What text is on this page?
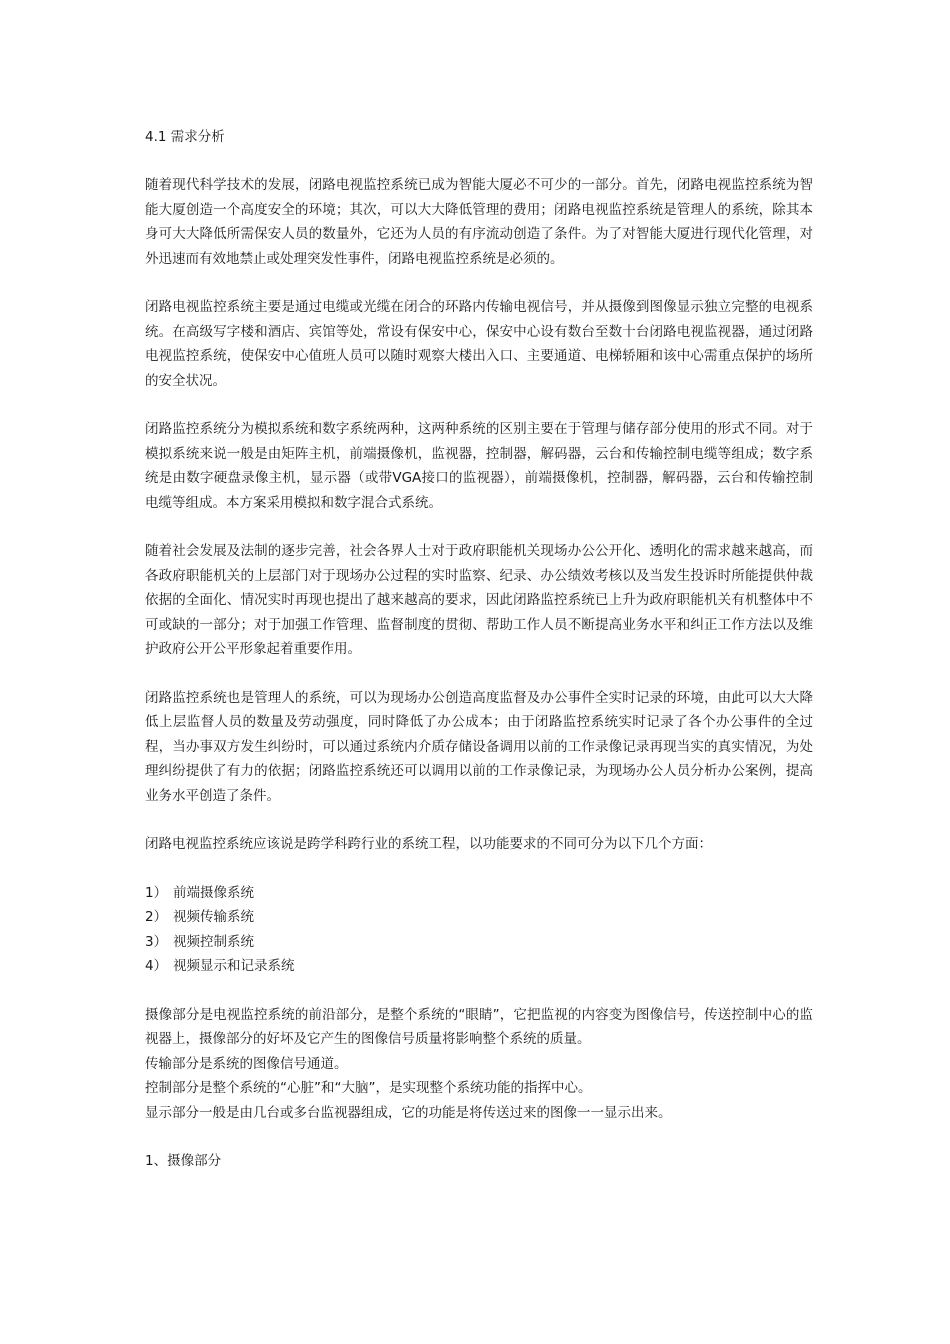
4.1 需求分析

随着现代科学技术的发展，闭路电视监控系统已成为智能大厦必不可少的一部分。首先，闭路电视监控系统为智能大厦创造一个高度安全的环境；其次，可以大大降低管理的费用；闭路电视监控系统是管理人的系统，除其本身可大大降低所需保安人员的数量外，它还为人员的有序流动创造了条件。为了对智能大厦进行现代化管理，对外迅速而有效地禁止或处理突发性事件，闭路电视监控系统是必须的。

闭路电视监控系统主要是通过电缆或光缆在闭合的环路内传输电视信号，并从摄像到图像显示独立完整的电视系统。在高级写字楼和酒店、宾馆等处，常设有保安中心，保安中心设有数台至数十台闭路电视监视器，通过闭路电视监控系统，使保安中心值班人员可以随时观察大楼出入口、主要通道、电梯轿厢和该中心需重点保护的场所的安全状况。

闭路监控系统分为模拟系统和数字系统两种，这两种系统的区别主要在于管理与储存部分使用的形式不同。对于模拟系统来说一般是由矩阵主机，前端摄像机，监视器，控制器，解码器，云台和传输控制电缆等组成；数字系统是由数字硬盘录像主机，显示器（或带VGA接口的监视器），前端摄像机，控制器，解码器，云台和传输控制电缆等组成。本方案采用模拟和数字混合式系统。

随着社会发展及法制的逐步完善，社会各界人士对于政府职能机关现场办公公开化、透明化的需求越来越高，而各政府职能机关的上层部门对于现场办公过程的实时监察、纪录、办公绩效考核以及当发生投诉时所能提供仲裁依据的全面化、情况实时再现也提出了越来越高的要求，因此闭路监控系统已上升为政府职能机关有机整体中不可或缺的一部分；对于加强工作管理、监督制度的贯彻、帮助工作人员不断提高业务水平和纠正工作方法以及维护政府公开公平形象起着重要作用。

闭路监控系统也是管理人的系统，可以为现场办公创造高度监督及办公事件全实时记录的环境，由此可以大大降低上层监督人员的数量及劳动强度，同时降低了办公成本；由于闭路监控系统实时记录了各个办公事件的全过程，当办事双方发生纠纷时，可以通过系统内介质存储设备调用以前的工作录像记录再现当实的真实情况，为处理纠纷提供了有力的依据；闭路监控系统还可以调用以前的工作录像记录，为现场办公人员分析办公案例，提高业务水平创造了条件。

闭路电视监控系统应该说是跨学科跨行业的系统工程，以功能要求的不同可分为以下几个方面：

1） 前端摄像系统
2） 视频传输系统
3） 视频控制系统
4） 视频显示和记录系统

摄像部分是电视监控系统的前沿部分，是整个系统的“眼睛”，它把监视的内容变为图像信号，传送控制中心的监视器上，摄像部分的好坏及它产生的图像信号质量将影响整个系统的质量。

传输部分是系统的图像信号通道。

控制部分是整个系统的“心脏”和“大脑”，是实现整个系统功能的指挥中心。

显示部分一般是由几台或多台监视器组成，它的功能是将传送过来的图像一一显示出来。

1、摄像部分
